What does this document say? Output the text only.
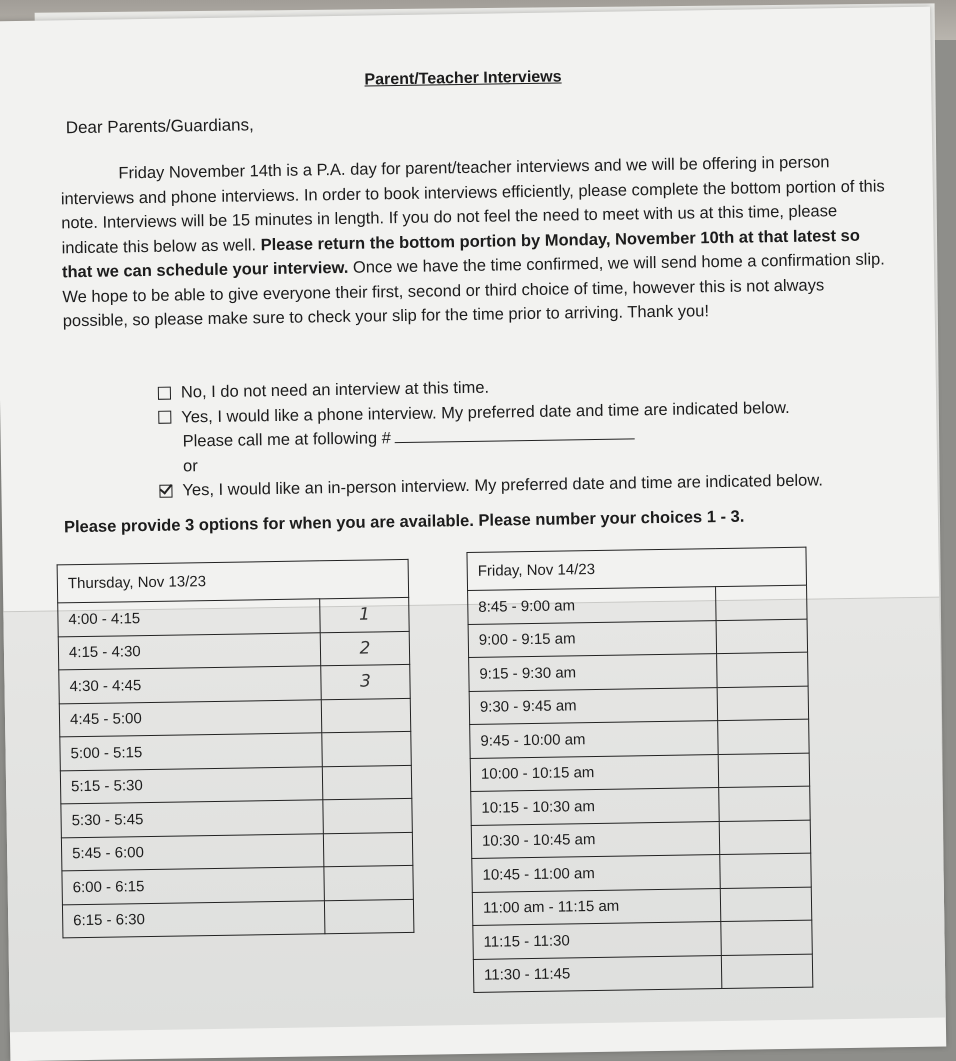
Parent/Teacher Interviews
Dear Parents/Guardians,

Friday November 14th is a P.A. day for parent/teacher interviews and we will be offering in person interviews and phone interviews. In order to book interviews efficiently, please complete the bottom portion of this note. Interviews will be 15 minutes in length. If you do not feel the need to meet with us at this time, please indicate this below as well. Please return the bottom portion by Monday, November 10th at that latest so that we can schedule your interview. Once we have the time confirmed, we will send home a confirmation slip. We hope to be able to give everyone their first, second or third choice of time, however this is not always possible, so please make sure to check your slip for the time prior to arriving. Thank you!

No, I do not need an interview at this time.
Yes, I would like a phone interview. My preferred date and time are indicated below.
Please call me at following #
or
Yes, I would like an in-person interview. My preferred date and time are indicated below.
Please provide 3 options for when you are available. Please number your choices 1 - 3.
Thursday, Nov 13/23	
4:00 - 4:15	1
4:15 - 4:30	2
4:30 - 4:45	3
4:45 - 5:00	
5:00 - 5:15	
5:15 - 5:30	
5:30 - 5:45	
5:45 - 6:00	
6:00 - 6:15	
6:15 - 6:30	
Friday, Nov 14/23	
8:45 - 9:00 am	
9:00 - 9:15 am	
9:15 - 9:30 am	
9:30 - 9:45 am	
9:45 - 10:00 am	
10:00 - 10:15 am	
10:15 - 10:30 am	
10:30 - 10:45 am	
10:45 - 11:00 am	
11:00 am - 11:15 am	
11:15 - 11:30	
11:30 - 11:45	
